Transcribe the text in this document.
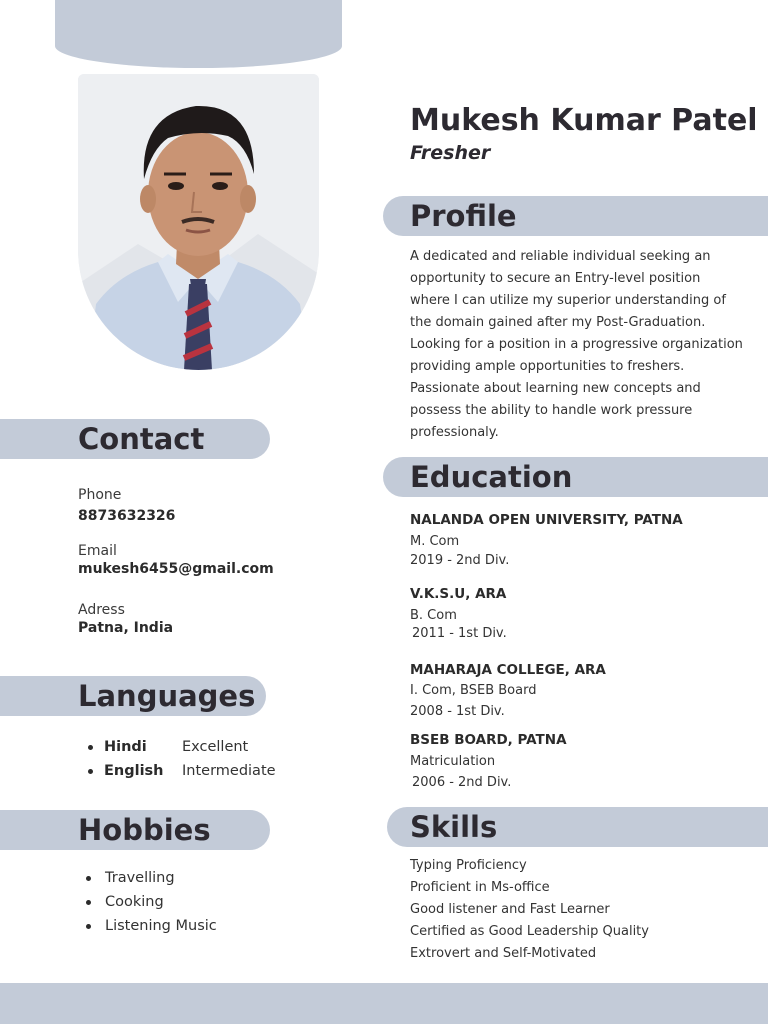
Mukesh Kumar Patel
Fresher
Profile
A dedicated and reliable individual seeking an
opportunity to secure an Entry-level position
where I can utilize my superior understanding of
the domain gained after my Post-Graduation.
Looking for a position in a progressive organization
providing ample opportunities to freshers.
Passionate about learning new concepts and
possess the ability to handle work pressure
professionaly.
Contact
Phone
8873632326
Email
mukesh6455@gmail.com
Adress
Patna, India
Education
NALANDA OPEN UNIVERSITY, PATNA
M. Com
2019 - 2nd Div.
V.K.S.U, ARA
B. Com
2011 - 1st Div.
MAHARAJA COLLEGE, ARA
I. Com, BSEB Board
2008 - 1st Div.
BSEB BOARD, PATNA
Matriculation
2006 - 2nd Div.
Languages
Hindi Excellent
English Intermediate
Skills
Typing Proficiency
Proficient in Ms-office
Good listener and Fast Learner
Certified as Good Leadership Quality
Extrovert and Self-Motivated
Hobbies
Travelling
Cooking
Listening Music
